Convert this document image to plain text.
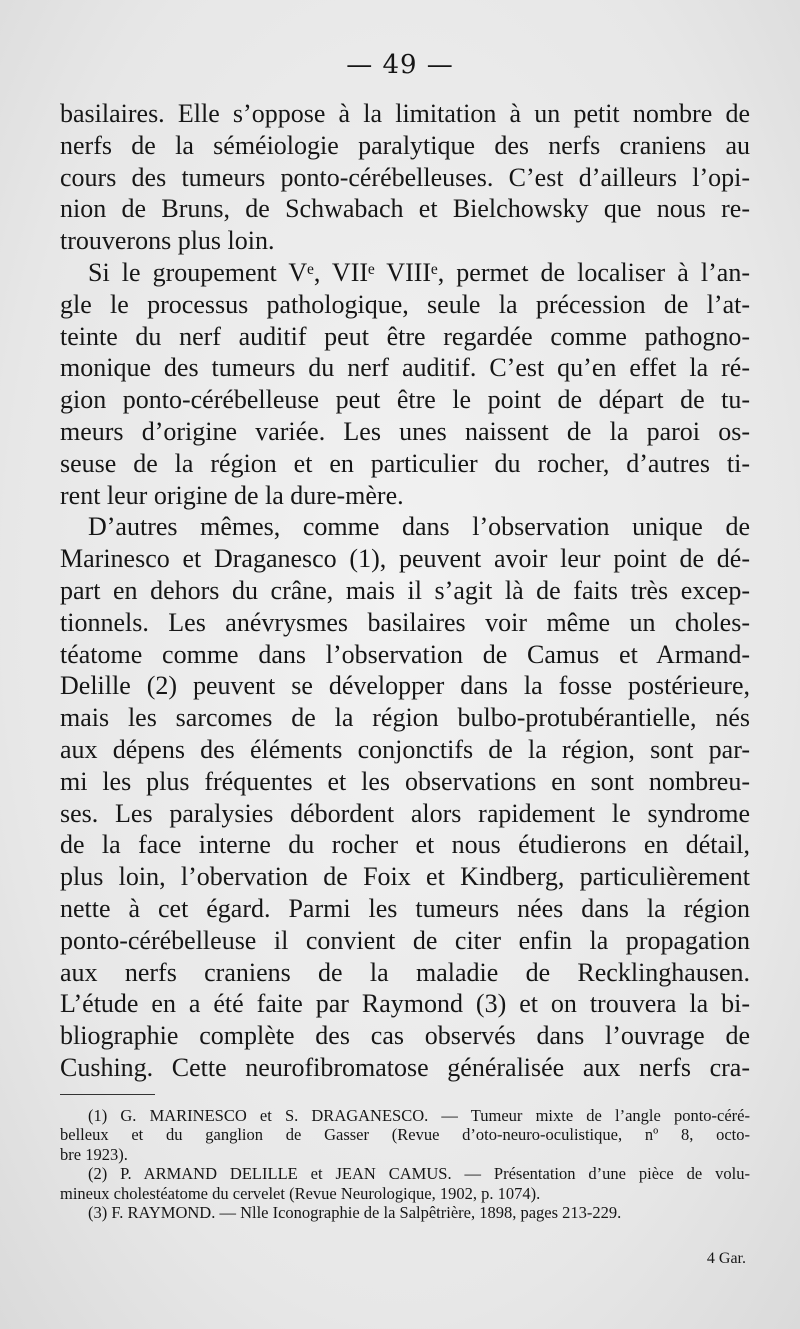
— 49 —
basilaires. Elle s’oppose à la limitation à un petit nombre de
nerfs de la séméiologie paralytique des nerfs craniens au
cours des tumeurs ponto-cérébelleuses. C’est d’ailleurs l’opi-
nion de Bruns, de Schwabach et Bielchowsky que nous re-
trouverons plus loin.
Si le groupement Vᵉ, VIIᵉ VIIIᵉ, permet de localiser à l’an-
gle le processus pathologique, seule la précession de l’at-
teinte du nerf auditif peut être regardée comme pathogno-
monique des tumeurs du nerf auditif. C’est qu’en effet la ré-
gion ponto-cérébelleuse peut être le point de départ de tu-
meurs d’origine variée. Les unes naissent de la paroi os-
seuse de la région et en particulier du rocher, d’autres ti-
rent leur origine de la dure-mère.
D’autres mêmes, comme dans l’observation unique de
Marinesco et Draganesco (1), peuvent avoir leur point de dé-
part en dehors du crâne, mais il s’agit là de faits très excep-
tionnels. Les anévrysmes basilaires voir même un choles-
téatome comme dans l’observation de Camus et Armand-
Delille (2) peuvent se développer dans la fosse postérieure,
mais les sarcomes de la région bulbo-protubérantielle, nés
aux dépens des éléments conjonctifs de la région, sont par-
mi les plus fréquentes et les observations en sont nombreu-
ses. Les paralysies débordent alors rapidement le syndrome
de la face interne du rocher et nous étudierons en détail,
plus loin, l’obervation de Foix et Kindberg, particulièrement
nette à cet égard. Parmi les tumeurs nées dans la région
ponto-cérébelleuse il convient de citer enfin la propagation
aux nerfs craniens de la maladie de Recklinghausen.
L’étude en a été faite par Raymond (3) et on trouvera la bi-
bliographie complète des cas observés dans l’ouvrage de
Cushing. Cette neurofibromatose généralisée aux nerfs cra-
(1) G. MARINESCO et S. DRAGANESCO. — Tumeur mixte de l’angle ponto-céré-
belleux et du ganglion de Gasser (Revue d’oto-neuro-oculistique, nº 8, octo-
bre 1923).
(2) P. ARMAND DELILLE et JEAN CAMUS. — Présentation d’une pièce de volu-
mineux cholestéatome du cervelet (Revue Neurologique, 1902, p. 1074).
(3) F. RAYMOND. — Nlle Iconographie de la Salpêtrière, 1898, pages 213-229.
4 Gar.
